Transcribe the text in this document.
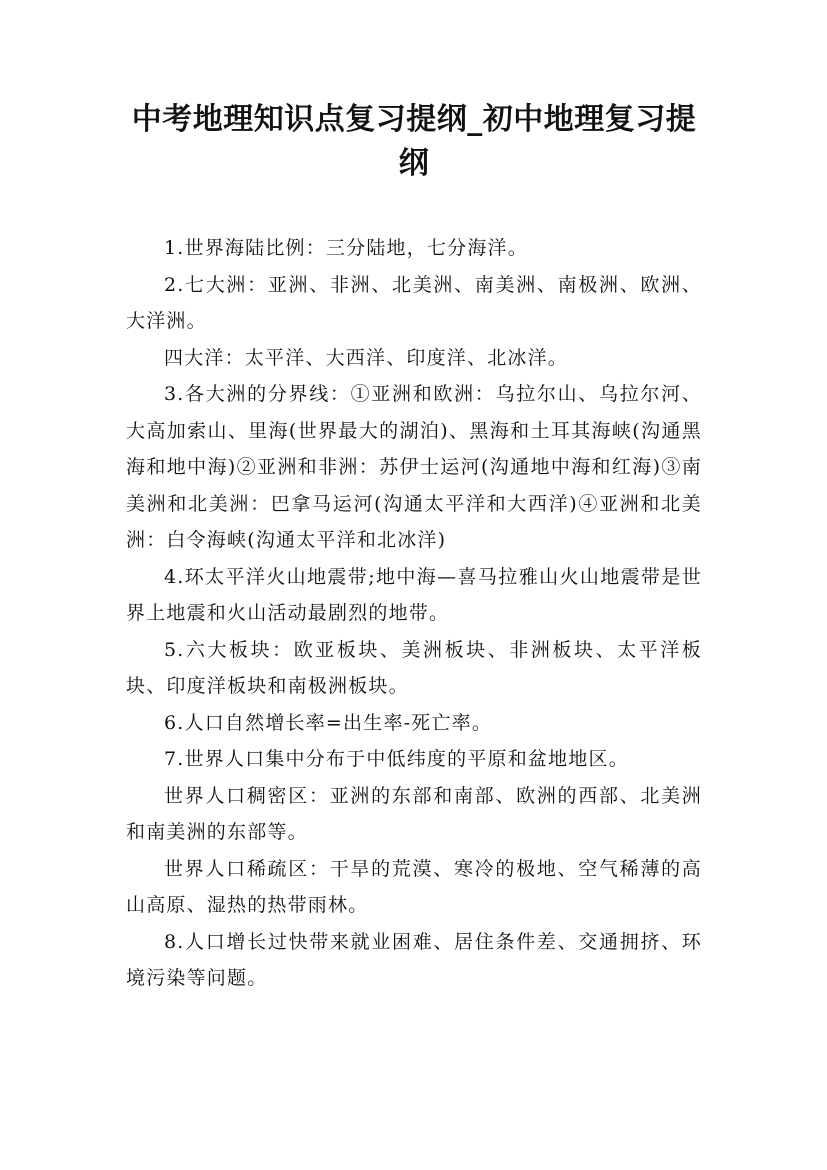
中考地理知识点复习提纲_初中地理复习提纲

1.世界海陆比例：三分陆地，七分海洋。

2.七大洲：亚洲、非洲、北美洲、南美洲、南极洲、欧洲、大洋洲。

四大洋：太平洋、大西洋、印度洋、北冰洋。

3.各大洲的分界线：①亚洲和欧洲：乌拉尔山、乌拉尔河、大高加索山、里海(世界最大的湖泊)、黑海和土耳其海峡(沟通黑海和地中海)②亚洲和非洲：苏伊士运河(沟通地中海和红海)③南美洲和北美洲：巴拿马运河(沟通太平洋和大西洋)④亚洲和北美洲：白令海峡(沟通太平洋和北冰洋)

4.环太平洋火山地震带;地中海—喜马拉雅山火山地震带是世界上地震和火山活动最剧烈的地带。

5.六大板块：欧亚板块、美洲板块、非洲板块、太平洋板块、印度洋板块和南极洲板块。

6.人口自然增长率=出生率-死亡率。

7.世界人口集中分布于中低纬度的平原和盆地地区。

世界人口稠密区：亚洲的东部和南部、欧洲的西部、北美洲和南美洲的东部等。

世界人口稀疏区：干旱的荒漠、寒冷的极地、空气稀薄的高山高原、湿热的热带雨林。

8.人口增长过快带来就业困难、居住条件差、交通拥挤、环境污染等问题。
